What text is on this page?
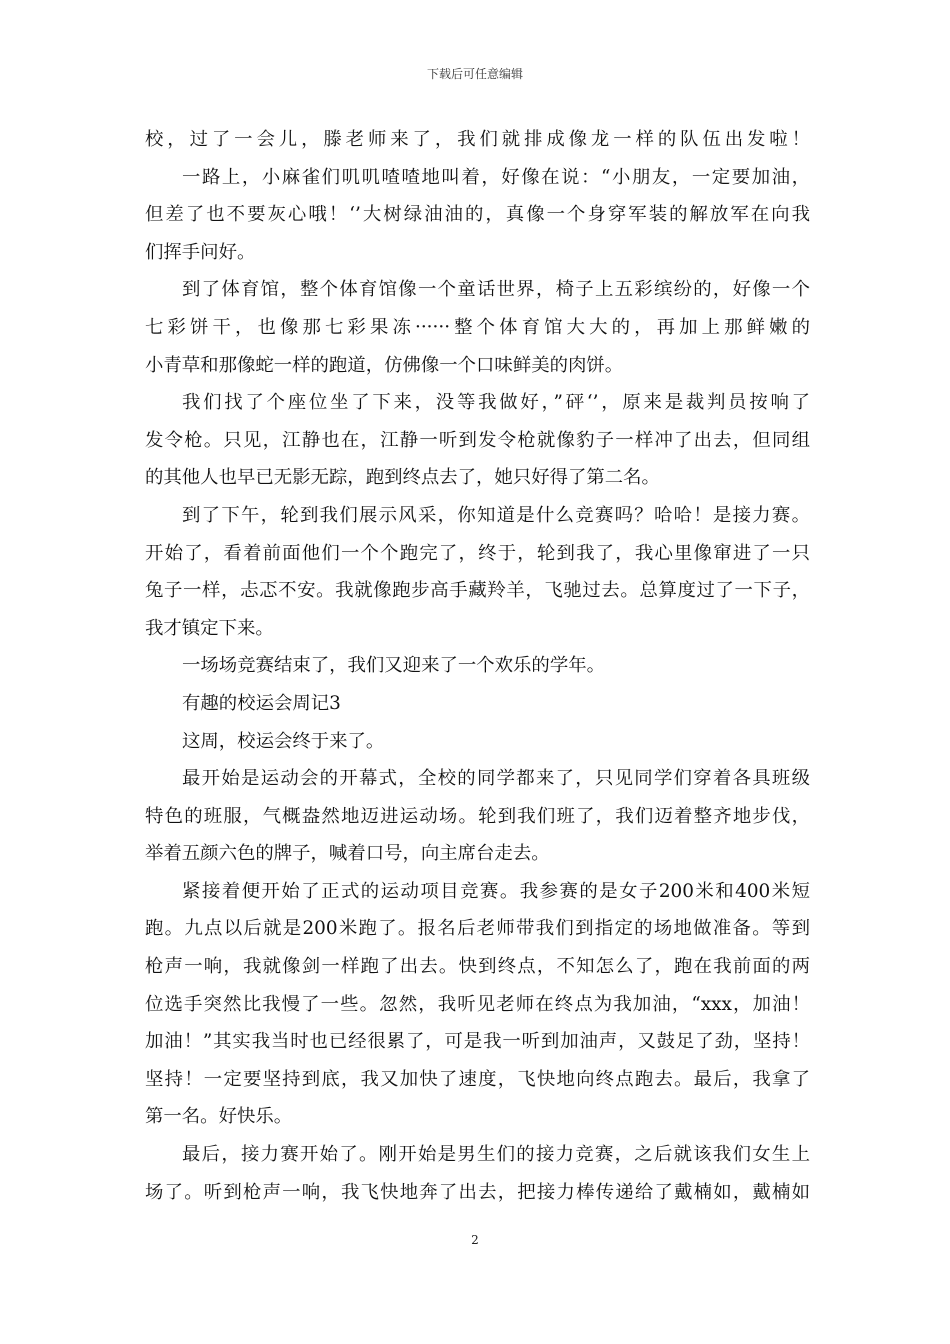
下载后可任意编辑
校，过了一会儿，滕老师来了，我们就排成像龙一样的队伍出发啦！
一路上，小麻雀们叽叽喳喳地叫着，好像在说：“小朋友，一定要加油，
但差了也不要灰心哦！‘’大树绿油油的，真像一个身穿军装的解放军在向我
们挥手问好。
到了体育馆，整个体育馆像一个童话世界，椅子上五彩缤纷的，好像一个
七彩饼干，也像那七彩果冻······整个体育馆大大的，再加上那鲜嫩的
小青草和那像蛇一样的跑道，仿佛像一个口味鲜美的肉饼。
我们找了个座位坐了下来，没等我做好，”砰‘’，原来是裁判员按响了
发令枪。只见，江静也在，江静一听到发令枪就像豹子一样冲了出去，但同组
的其他人也早已无影无踪，跑到终点去了，她只好得了第二名。
到了下午，轮到我们展示风采，你知道是什么竞赛吗？哈哈！是接力赛。
开始了，看着前面他们一个个跑完了，终于，轮到我了，我心里像窜进了一只
兔子一样，忐忑不安。我就像跑步高手藏羚羊，飞驰过去。总算度过了一下子，
我才镇定下来。
一场场竞赛结束了，我们又迎来了一个欢乐的学年。
有趣的校运会周记3
这周，校运会终于来了。
最开始是运动会的开幕式，全校的同学都来了，只见同学们穿着各具班级
特色的班服，气概盎然地迈进运动场。轮到我们班了，我们迈着整齐地步伐，
举着五颜六色的牌子，喊着口号，向主席台走去。
紧接着便开始了正式的运动项目竞赛。我参赛的是女子200米和400米短
跑。九点以后就是200米跑了。报名后老师带我们到指定的场地做准备。等到
枪声一响，我就像剑一样跑了出去。快到终点，不知怎么了，跑在我前面的两
位选手突然比我慢了一些。忽然，我听见老师在终点为我加油，“xxx，加油！
加油！”其实我当时也已经很累了，可是我一听到加油声，又鼓足了劲，坚持！
坚持！一定要坚持到底，我又加快了速度，飞快地向终点跑去。最后，我拿了
第一名。好快乐。
最后，接力赛开始了。刚开始是男生们的接力竞赛，之后就该我们女生上
场了。听到枪声一响，我飞快地奔了出去，把接力棒传递给了戴楠如，戴楠如
2
